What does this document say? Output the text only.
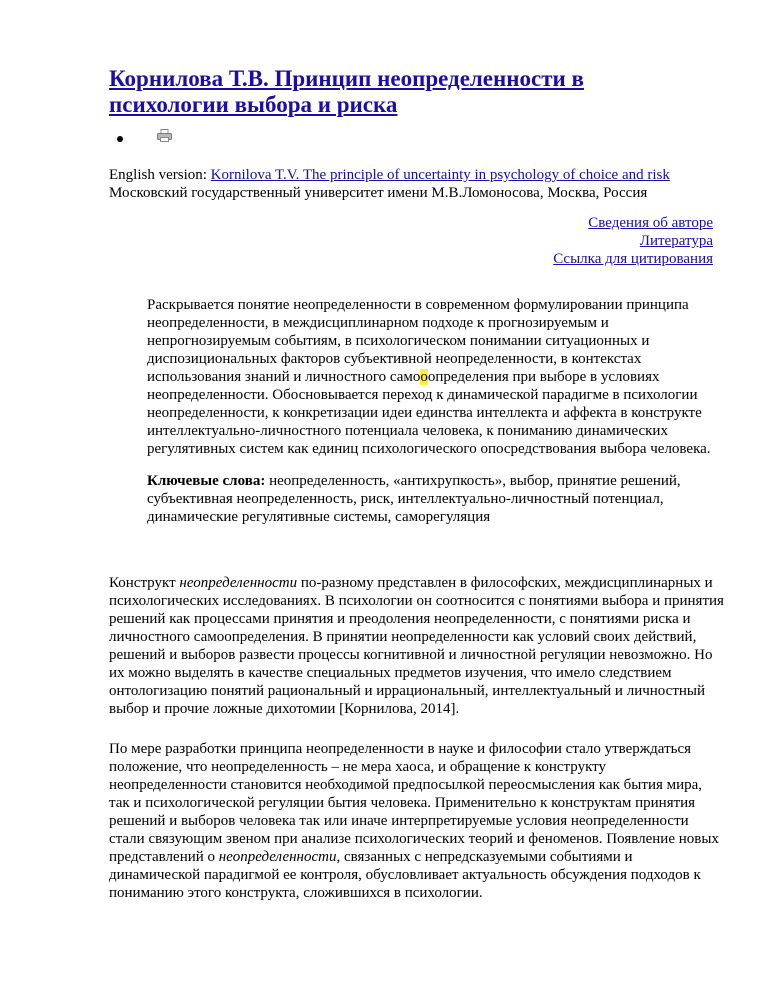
Корнилова Т.В. Принцип неопределенности в психологии выбора и риска
English version: Kornilova T.V. The principle of uncertainty in psychology of choice and risk
Московский государственный университет имени М.В.Ломоносова, Москва, Россия
Сведения об авторе
Литература
Ссылка для цитирования
Раскрывается понятие неопределенности в современном формулировании принципа неопределенности, в междисциплинарном подходе к прогнозируемым и непрогнозируемым событиям, в психологическом понимании ситуационных и диспозициональных факторов субъективной неопределенности, в контекстах использования знаний и личностного самооопределения при выборе в условиях неопределенности. Обосновывается переход к динамической парадигме в психологии неопределенности, к конкретизации идеи единства интеллекта и аффекта в конструкте интеллектуально-личностного потенциала человека, к пониманию динамических регулятивных систем как единиц психологического опосредствования выбора человека.
Ключевые слова: неопределенность, «антихрупкость», выбор, принятие решений, субъективная неопределенность, риск, интеллектуально-личностный потенциал, динамические регулятивные системы, саморегуляция
Конструкт неопределенности по-разному представлен в философских, междисциплинарных и психологических исследованиях. В психологии он соотносится с понятиями выбора и принятия решений как процессами принятия и преодоления неопределенности, с понятиями риска и личностного самоопределения. В принятии неопределенности как условий своих действий, решений и выборов развести процессы когнитивной и личностной регуляции невозможно. Но их можно выделять в качестве специальных предметов изучения, что имело следствием онтологизацию понятий рациональный и иррациональный, интеллектуальный и личностный выбор и прочие ложные дихотомии [Корнилова, 2014].
По мере разработки принципа неопределенности в науке и философии стало утверждаться положение, что неопределенность – не мера хаоса, и обращение к конструкту неопределенности становится необходимой предпосылкой переосмысления как бытия мира, так и психологической регуляции бытия человека. Применительно к конструктам принятия решений и выборов человека так или иначе интерпретируемые условия неопределенности стали связующим звеном при анализе психологических теорий и феноменов. Появление новых представлений о неопределенности, связанных с непредсказуемыми событиями и динамической парадигмой ее контроля, обусловливает актуальность обсуждения подходов к пониманию этого конструкта, сложившихся в психологии.
